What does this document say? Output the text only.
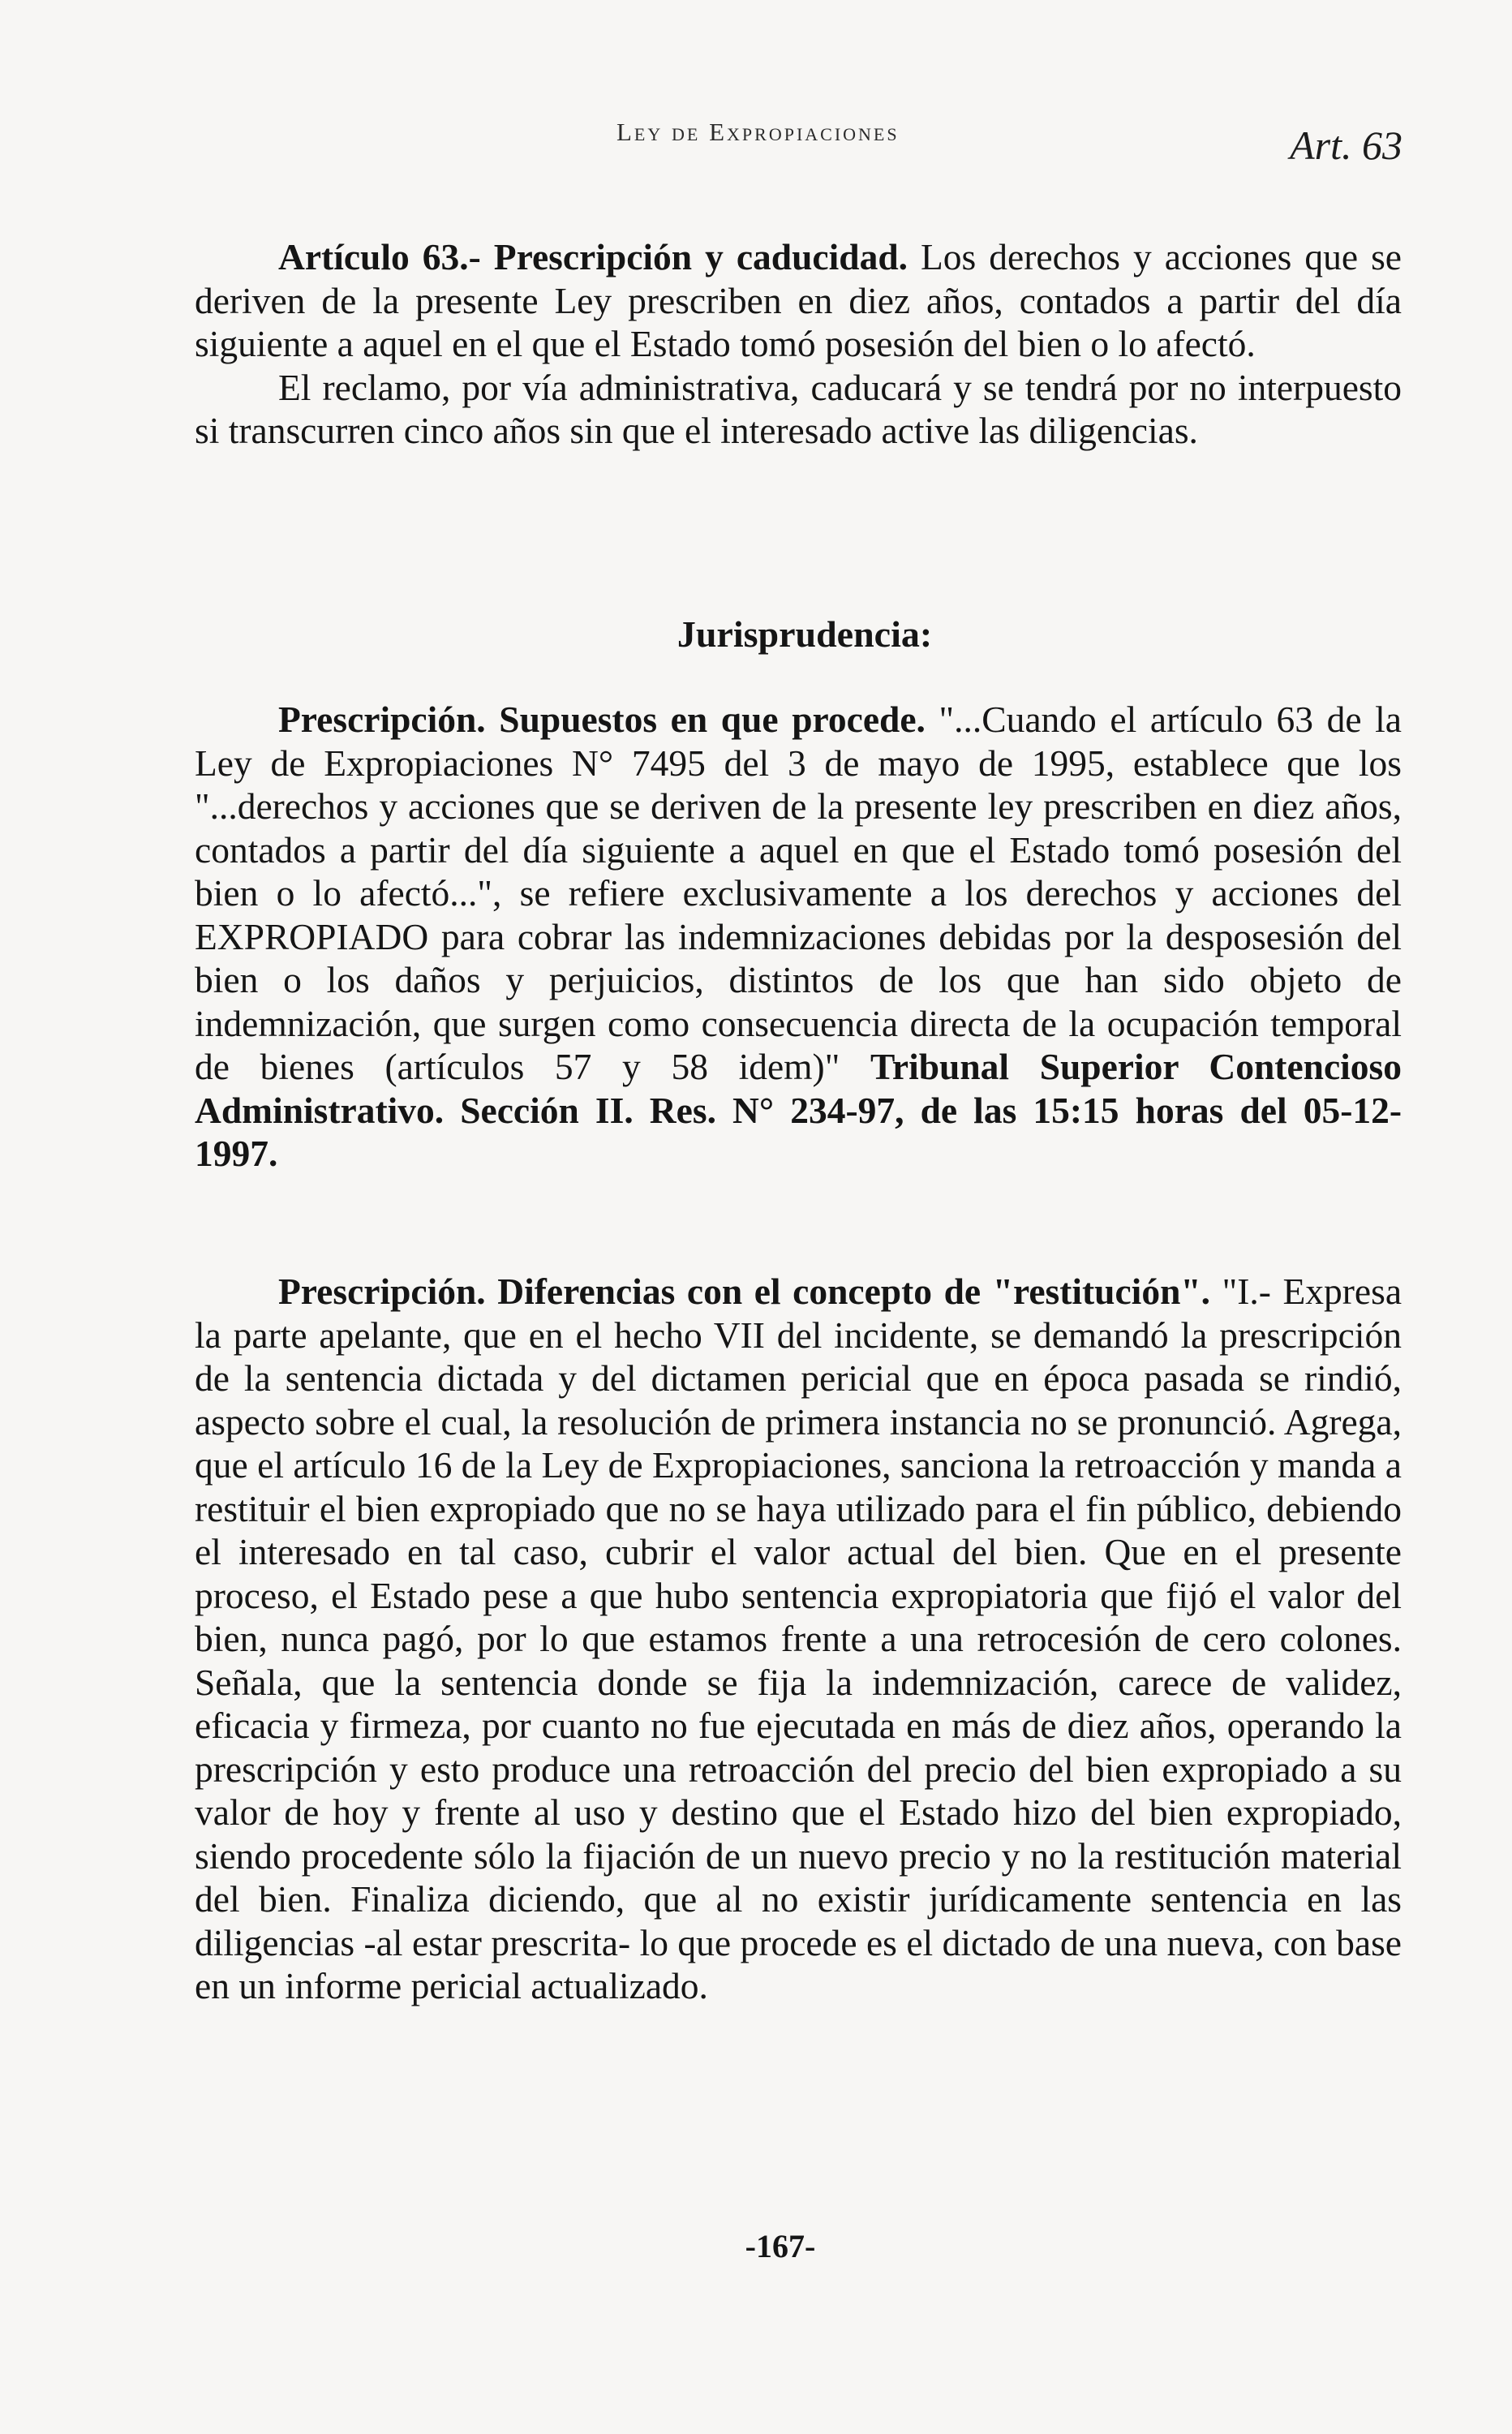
Ley de Expropiaciones	Art. 63

Artículo 63.- Prescripción y caducidad. Los derechos y acciones que se deriven de la presente Ley prescriben en diez años, contados a partir del día siguiente a aquel en el que el Estado tomó posesión del bien o lo afectó.

El reclamo, por vía administrativa, caducará y se tendrá por no interpuesto si transcurren cinco años sin que el interesado active las diligencias.

Jurisprudencia:

Prescripción. Supuestos en que procede. "...Cuando el artículo 63 de la Ley de Expropiaciones N° 7495 del 3 de mayo de 1995, establece que los "...derechos y acciones que se deriven de la presente ley prescriben en diez años, contados a partir del día siguiente a aquel en que el Estado tomó posesión del bien o lo afectó...", se refiere exclusivamente a los derechos y acciones del EXPROPIADO para cobrar las indemnizaciones debidas por la desposesión del bien o los daños y perjuicios, distintos de los que han sido objeto de indemnización, que surgen como consecuencia directa de la ocupación temporal de bienes (artículos 57 y 58 idem)" Tribunal Superior Contencioso Administrativo. Sección II. Res. N° 234-97, de las 15:15 horas del 05-12-1997.

Prescripción. Diferencias con el concepto de "restitución". "I.- Expresa la parte apelante, que en el hecho VII del incidente, se demandó la prescripción de la sentencia dictada y del dictamen pericial que en época pasada se rindió, aspecto sobre el cual, la resolución de primera instancia no se pronunció. Agrega, que el artículo 16 de la Ley de Expropiaciones, sanciona la retroacción y manda a restituir el bien expropiado que no se haya utilizado para el fin público, debiendo el interesado en tal caso, cubrir el valor actual del bien. Que en el presente proceso, el Estado pese a que hubo sentencia expropiatoria que fijó el valor del bien, nunca pagó, por lo que estamos frente a una retrocesión de cero colones. Señala, que la sentencia donde se fija la indemnización, carece de validez, eficacia y firmeza, por cuanto no fue ejecutada en más de diez años, operando la prescripción y esto produce una retroacción del precio del bien expropiado a su valor de hoy y frente al uso y destino que el Estado hizo del bien expropiado, siendo procedente sólo la fijación de un nuevo precio y no la restitución material del bien. Finaliza diciendo, que al no existir jurídicamente sentencia en las diligencias -al estar prescrita- lo que procede es el dictado de una nueva, con base en un informe pericial actualizado.

-167-
